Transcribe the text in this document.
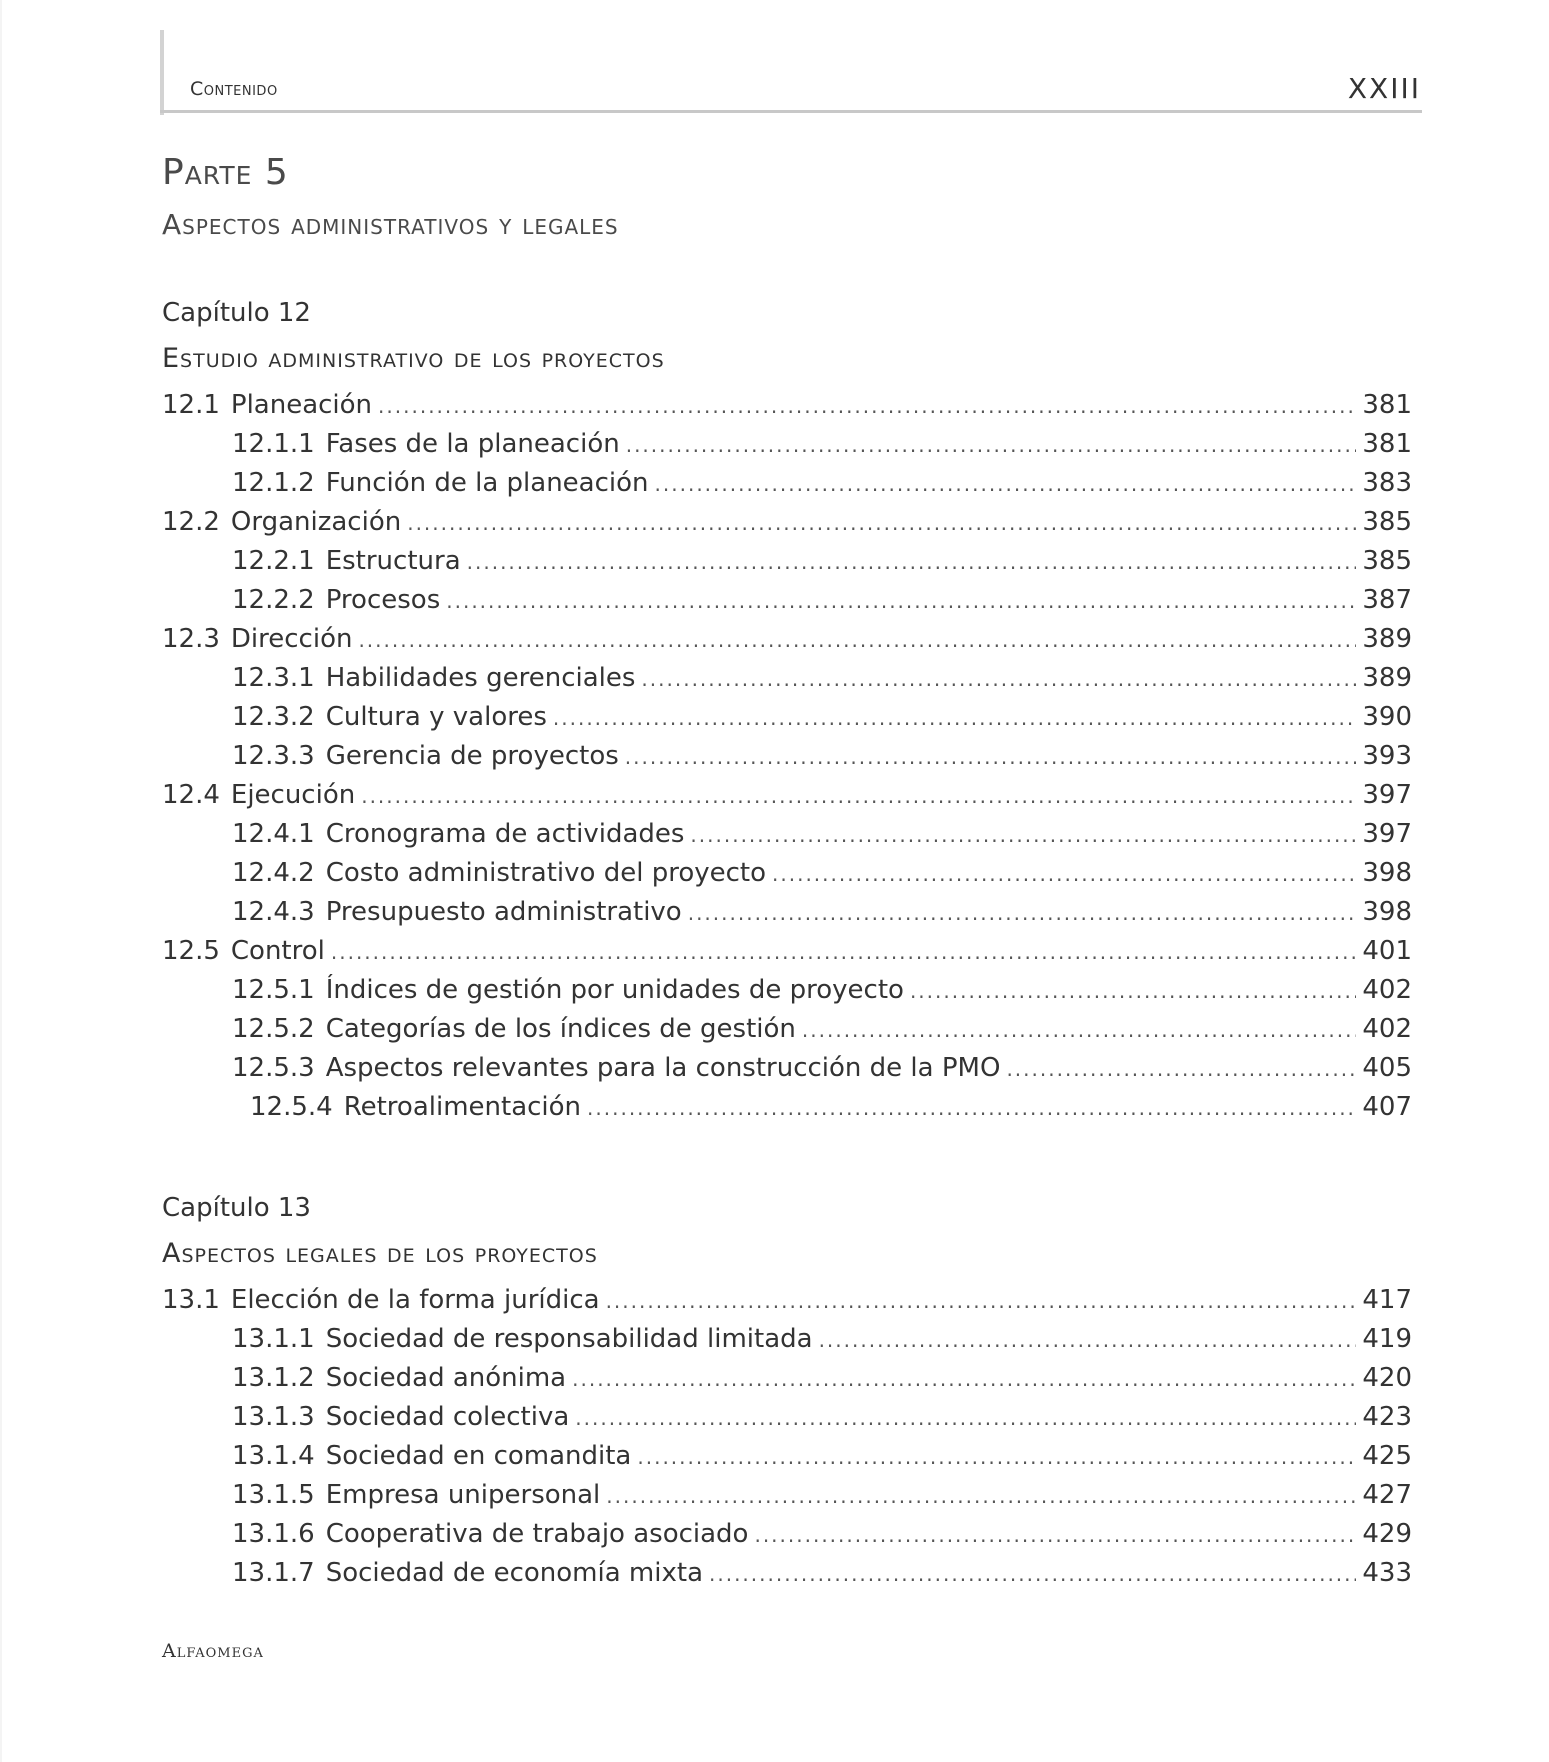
Contenido	XXIII
Parte 5
Aspectos administrativos y legales
Capítulo 12
Estudio administrativo de los proyectos
12.1 Planeación .....	381
12.1.1 Fases de la planeación .....	381
12.1.2 Función de la planeación .....	383
12.2 Organización .....	385
12.2.1 Estructura .....	385
12.2.2 Procesos .....	387
12.3 Dirección .....	389
12.3.1 Habilidades gerenciales .....	389
12.3.2 Cultura y valores .....	390
12.3.3 Gerencia de proyectos .....	393
12.4 Ejecución .....	397
12.4.1 Cronograma de actividades .....	397
12.4.2 Costo administrativo del proyecto .....	398
12.4.3 Presupuesto administrativo .....	398
12.5 Control .....	401
12.5.1 Índices de gestión por unidades de proyecto .....	402
12.5.2 Categorías de los índices de gestión .....	402
12.5.3 Aspectos relevantes para la construcción de la PMO .....	405
12.5.4 Retroalimentación .....	407
Capítulo 13
Aspectos legales de los proyectos
13.1 Elección de la forma jurídica .....	417
13.1.1 Sociedad de responsabilidad limitada .....	419
13.1.2 Sociedad anónima .....	420
13.1.3 Sociedad colectiva .....	423
13.1.4 Sociedad en comandita .....	425
13.1.5 Empresa unipersonal .....	427
13.1.6 Cooperativa de trabajo asociado .....	429
13.1.7 Sociedad de economía mixta .....	433
Alfaomega
